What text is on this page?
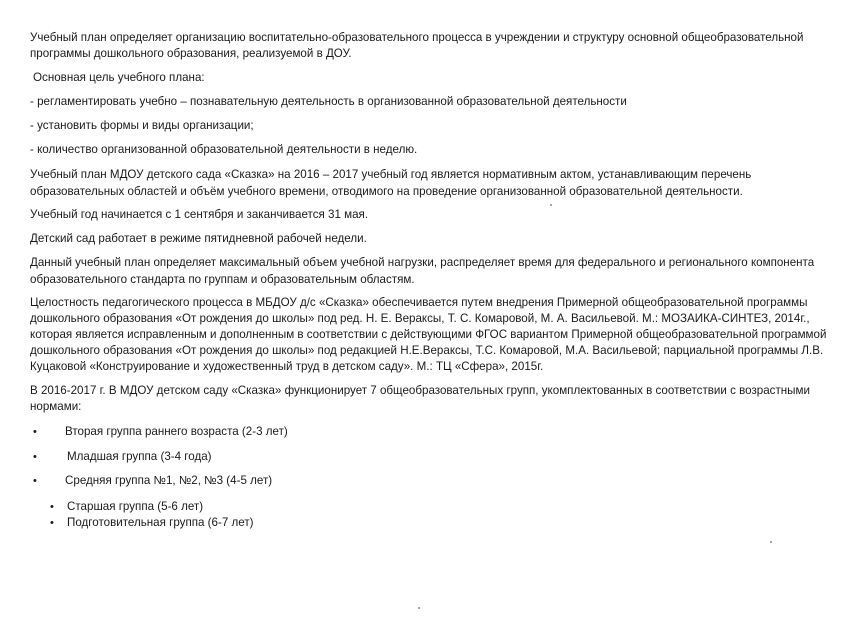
Учебный план определяет организацию воспитательно-образовательного процесса в учреждении и структуру основной общеобразовательной
программы дошкольного образования, реализуемой в ДОУ.

Основная цель учебного плана:

- регламентировать учебно – познавательную деятельность в организованной образовательной деятельности

- установить формы и виды организации;

- количество организованной образовательной деятельности в неделю.

Учебный план МДОУ детского сада «Сказка» на 2016 – 2017 учебный год является нормативным актом, устанавливающим перечень
образовательных областей и объём учебного времени, отводимого на проведение организованной образовательной деятельности.

Учебный год начинается с 1 сентября и заканчивается 31 мая.

Детский сад работает в режиме пятидневной рабочей недели.

Данный учебный план определяет максимальный объем учебной нагрузки, распределяет время для федерального и регионального компонента
образовательного стандарта по группам и образовательным областям.

Целостность педагогического процесса в МБДОУ д/с «Сказка» обеспечивается путем внедрения Примерной общеобразовательной программы
дошкольного образования «От рождения до школы» под ред. Н. Е. Вераксы, Т. С. Комаровой, М. А. Васильевой. М.: МОЗАИКА-СИНТЕЗ, 2014г.,
которая является исправленным и дополненным в соответствии с действующими ФГОС вариантом Примерной общеобразовательной программой
дошкольного образования «От рождения до школы» под редакцией Н.Е.Вераксы, Т.С. Комаровой, М.А. Васильевой; парциальной программы Л.В.
Куцаковой «Конструирование и художественный труд в детском саду». М.: ТЦ «Сфера», 2015г.

В 2016-2017 г. В МДОУ детском саду «Сказка» функционирует 7 общеобразовательных групп, укомплектованных в соответствии с возрастными
нормами:

• Вторая группа раннего возраста (2-3 лет)
•	Младшая группа (3-4 года)
• Средняя группа №1, №2, №3 (4-5 лет)
• Старшая группа (5-6 лет)
• Подготовительная группа (6-7 лет)
